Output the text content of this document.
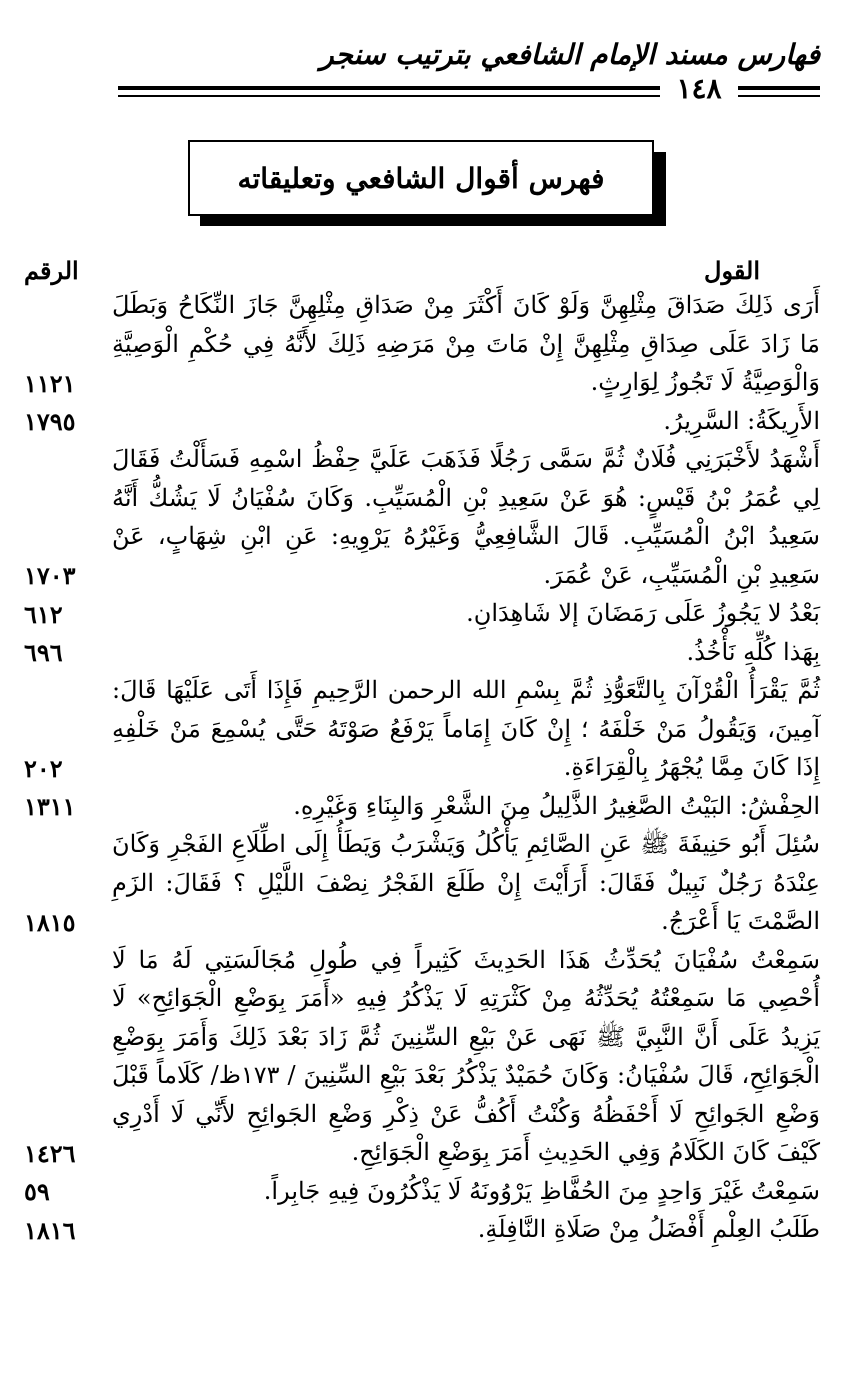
فهارس مسند الإمام الشافعي بترتيب سنجر
١٤٨
فهرس أقوال الشافعي وتعليقاته
القول
الرقم
أَرَى ذَلِكَ صَدَاقَ مِثْلِهِنَّ وَلَوْ كَانَ أَكْثَرَ مِنْ صَدَاقِ مِثْلِهِنَّ جَازَ النِّكَاحُ وَبَطَلَ مَا زَادَ عَلَى صِدَاقِ مِثْلِهِنَّ إِنْ مَاتَ مِنْ مَرَضِهِ ذَلِكَ لأَنَّهُ فِي حُكْمِ الْوَصِيَّةِ وَالْوَصِيَّةُ لَا تَجُوزُ لِوَارِثٍ.
١١٢١
الأَرِيكَةُ: السَّرِيرُ.
١٧٩٥
أَشْهَدُ لأَخْبَرَنِي فُلَانٌ ثُمَّ سَمَّى رَجُلًا فَذَهَبَ عَلَيَّ حِفْظُ اسْمِهِ فَسَأَلْتُ فَقَالَ لِي عُمَرُ بْنُ قَيْسٍ: هُوَ عَنْ سَعِيدِ بْنِ الْمُسَيِّبِ. وَكَانَ سُفْيَانُ لَا يَشُكُّ أَنَّهُ سَعِيدُ ابْنُ الْمُسَيِّبِ. قَالَ الشَّافِعِيُّ وَغَيْرُهُ يَرْوِيهِ: عَنِ ابْنِ شِهَابٍ، عَنْ سَعِيدِ بْنِ الْمُسَيِّبِ، عَنْ عُمَرَ.
١٧٠٣
بَعْدُ لا يَجُوزُ عَلَى رَمَضَانَ إلا شَاهِدَانِ.
٦١٢
بِهَذا كُلِّهِ نَأْخُذُ.
٦٩٦
ثُمَّ يَقْرَأُ الْقُرْآنَ بِالتَّعَوُّذِ ثُمَّ بِسْمِ الله الرحمن الرَّحِيمِ فَإِذَا أَتَى عَلَيْهَا قَالَ: آمِينَ، وَيَقُولُ مَنْ خَلْفَهُ ؛ إِنْ كَانَ إِمَاماً يَرْفَعُ صَوْتَهُ حَتَّى يُسْمِعَ مَنْ خَلْفِهِ إِذَا كَانَ مِمَّا يُجْهَرُ بِالْقِرَاءَةِ.
٢٠٢
الحِفْشُ: البَيْتُ الصَّغِيرُ الذَّلِيلُ مِنَ الشَّعْرِ وَالبِنَاءِ وَغَيْرِهِ.
١٣١١
سُئِلَ أَبُو حَنِيفَةَ ﷺ عَنِ الصَّائِمِ يَأْكُلُ وَيَشْرَبُ وَيَطَأُ إِلَى اطِّلَاعِ الفَجْرِ وَكَانَ عِنْدَهُ رَجُلٌ نَبِيلٌ فَقَالَ: أَرَأَيْتَ إِنْ طَلَعَ الفَجْرُ نِصْفَ اللَّيْلِ ؟ فَقَالَ: الزَمِ الصَّمْتَ يَا أَعْرَجُ.
١٨١٥
سَمِعْتُ سُفْيَانَ يُحَدِّثُ هَذَا الحَدِيثَ كَثِيراً فِي طُولِ مُجَالَسَتِي لَهُ مَا لَا أُحْصِي مَا سَمِعْتُهُ يُحَدِّثُهُ مِنْ كَثْرَتِهِ لَا يَذْكُرُ فِيهِ «أَمَرَ بِوَضْعِ الْجَوَائِحِ» لَا يَزِيدُ عَلَى أَنَّ النَّبِيَّ ﷺ نَهَى عَنْ بَيْعِ السِّنِينَ ثُمَّ زَادَ بَعْدَ ذَلِكَ وَأَمَرَ بِوَضْعِ الْجَوَائِحِ، قَالَ سُفْيَانُ: وَكَانَ حُمَيْدٌ يَذْكُرُ بَعْدَ بَيْعِ السِّنِينَ / ١٧٣ظ/ كَلَاماً قَبْلَ وَضْعِ الجَوائِحِ لَا أَحْفَظُهُ وَكُنْتُ أَكُفُّ عَنْ ذِكْرِ وَضْعِ الجَوائِحِ لأَنِّي لَا أَدْرِي كَيْفَ كَانَ الكَلَامُ وَفِي الحَدِيثِ أَمَرَ بِوَضْعِ الْجَوَائِحِ.
١٤٢٦
سَمِعْتُ غَيْرَ وَاحِدٍ مِنَ الحُفَّاظِ يَرْوُونَهُ لَا يَذْكُرُونَ فِيهِ جَابِراً.
٥٩
طَلَبُ العِلْمِ أَفْضَلُ مِنْ صَلَاةِ النَّافِلَةِ.
١٨١٦
